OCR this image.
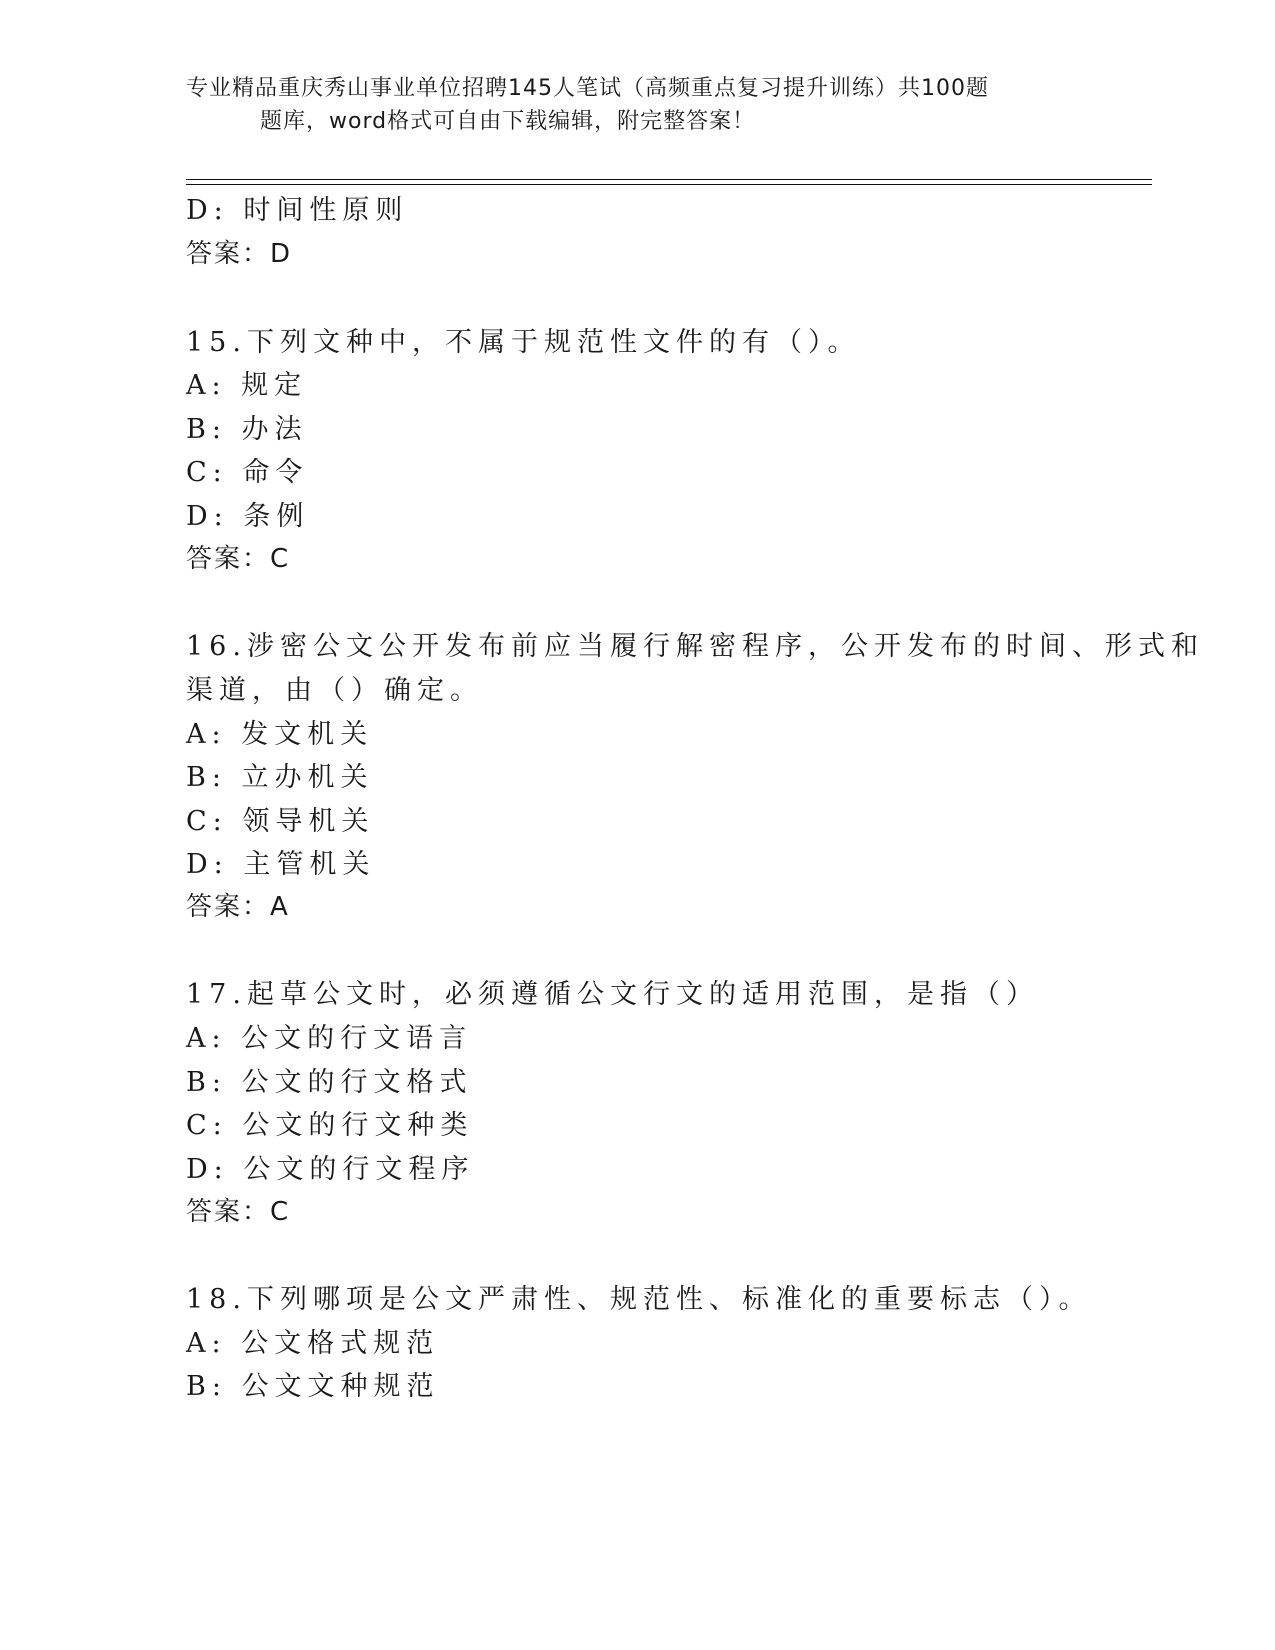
专业精品重庆秀山事业单位招聘145人笔试（高频重点复习提升训练）共100题
题库，word格式可自由下载编辑，附完整答案！
D: 时间性原则
答案：D
15.下列文种中，不属于规范性文件的有（）。
A: 规定
B: 办法
C: 命令
D: 条例
答案：C
16.涉密公文公开发布前应当履行解密程序，公开发布的时间、形式和
渠道，由（）确定。
A: 发文机关
B: 立办机关
C: 领导机关
D: 主管机关
答案：A
17.起草公文时，必须遵循公文行文的适用范围，是指（）
A: 公文的行文语言
B: 公文的行文格式
C: 公文的行文种类
D: 公文的行文程序
答案：C
18.下列哪项是公文严肃性、规范性、标准化的重要标志（）。
A: 公文格式规范
B: 公文文种规范
